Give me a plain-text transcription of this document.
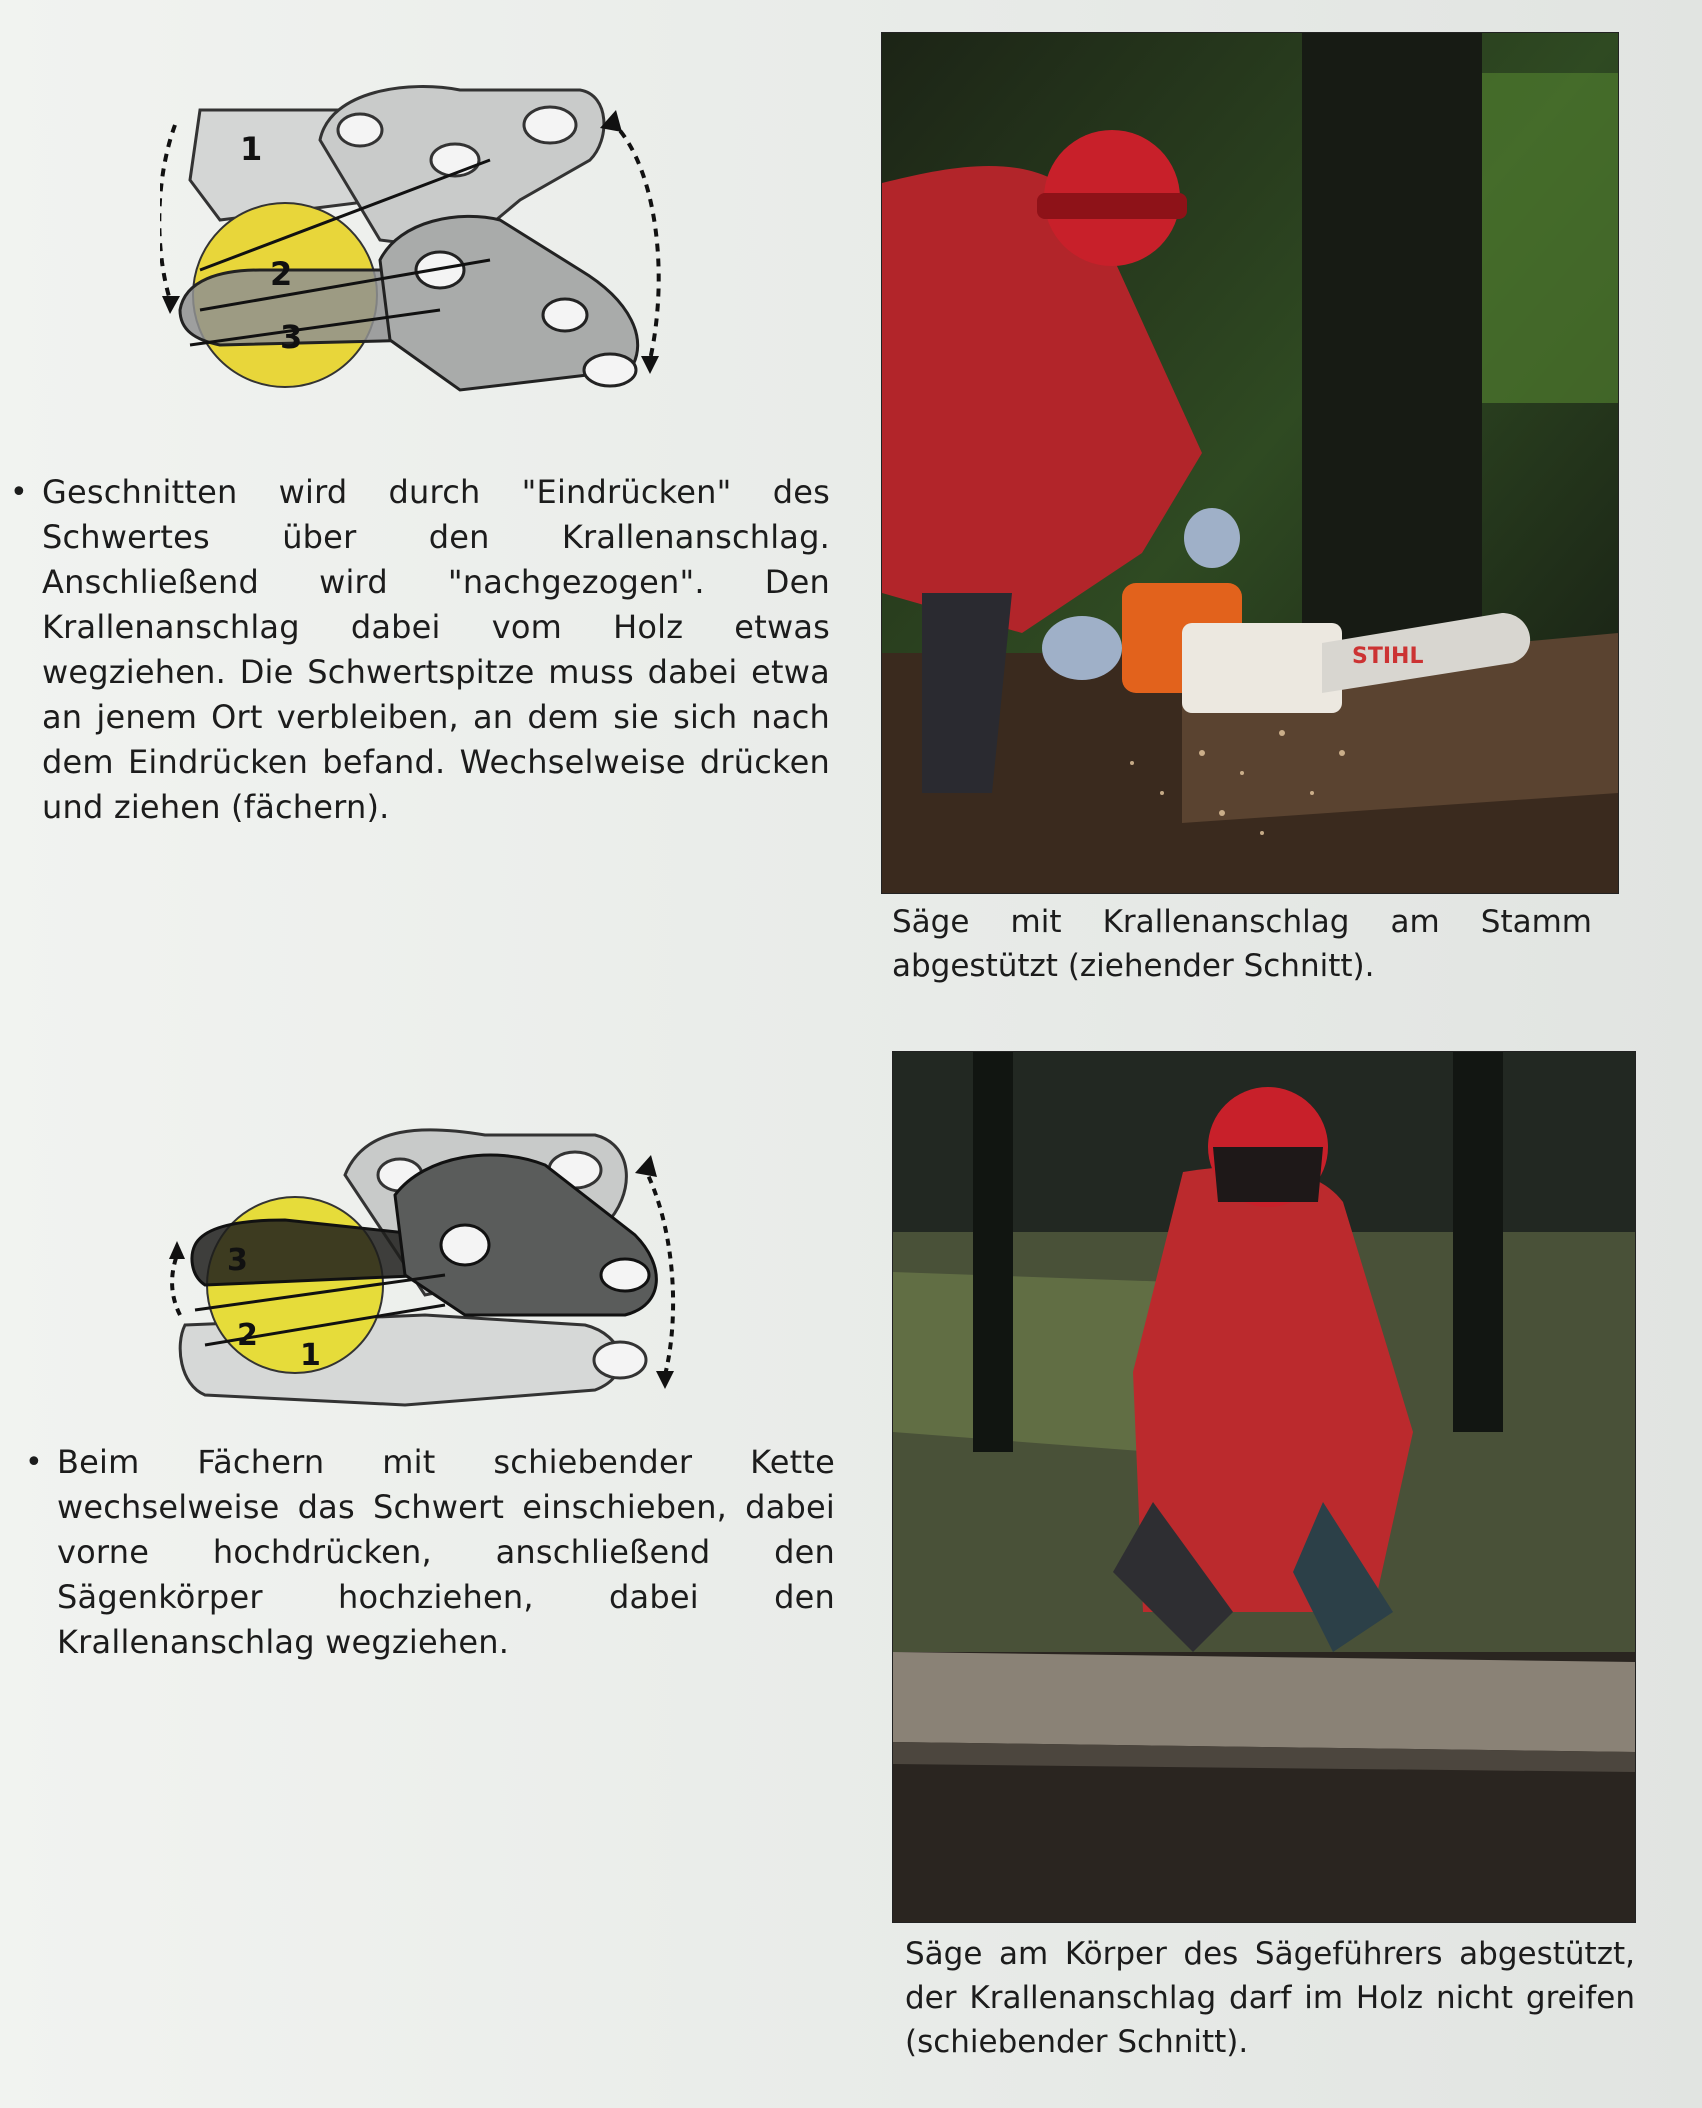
1
2
3
• Geschnitten wird durch "Eindrücken" des Schwertes über den Krallenanschlag. Anschließend wird "nachgezogen". Den Krallenanschlag dabei vom Holz etwas wegziehen. Die Schwertspitze muss dabei etwa an jenem Ort verbleiben, an dem sie sich nach dem Eindrücken befand. Wechselweise drücken und ziehen (fächern).
STIHL
Säge mit Krallenanschlag am Stamm abgestützt (ziehender Schnitt).
3
2
1
• Beim Fächern mit schiebender Kette wechselweise das Schwert einschieben, dabei vorne hochdrücken, anschließend den Sägenkörper hochziehen, dabei den Krallenanschlag wegziehen.
Säge am Körper des Sägeführers abgestützt, der Krallenanschlag darf im Holz nicht greifen (schiebender Schnitt).
